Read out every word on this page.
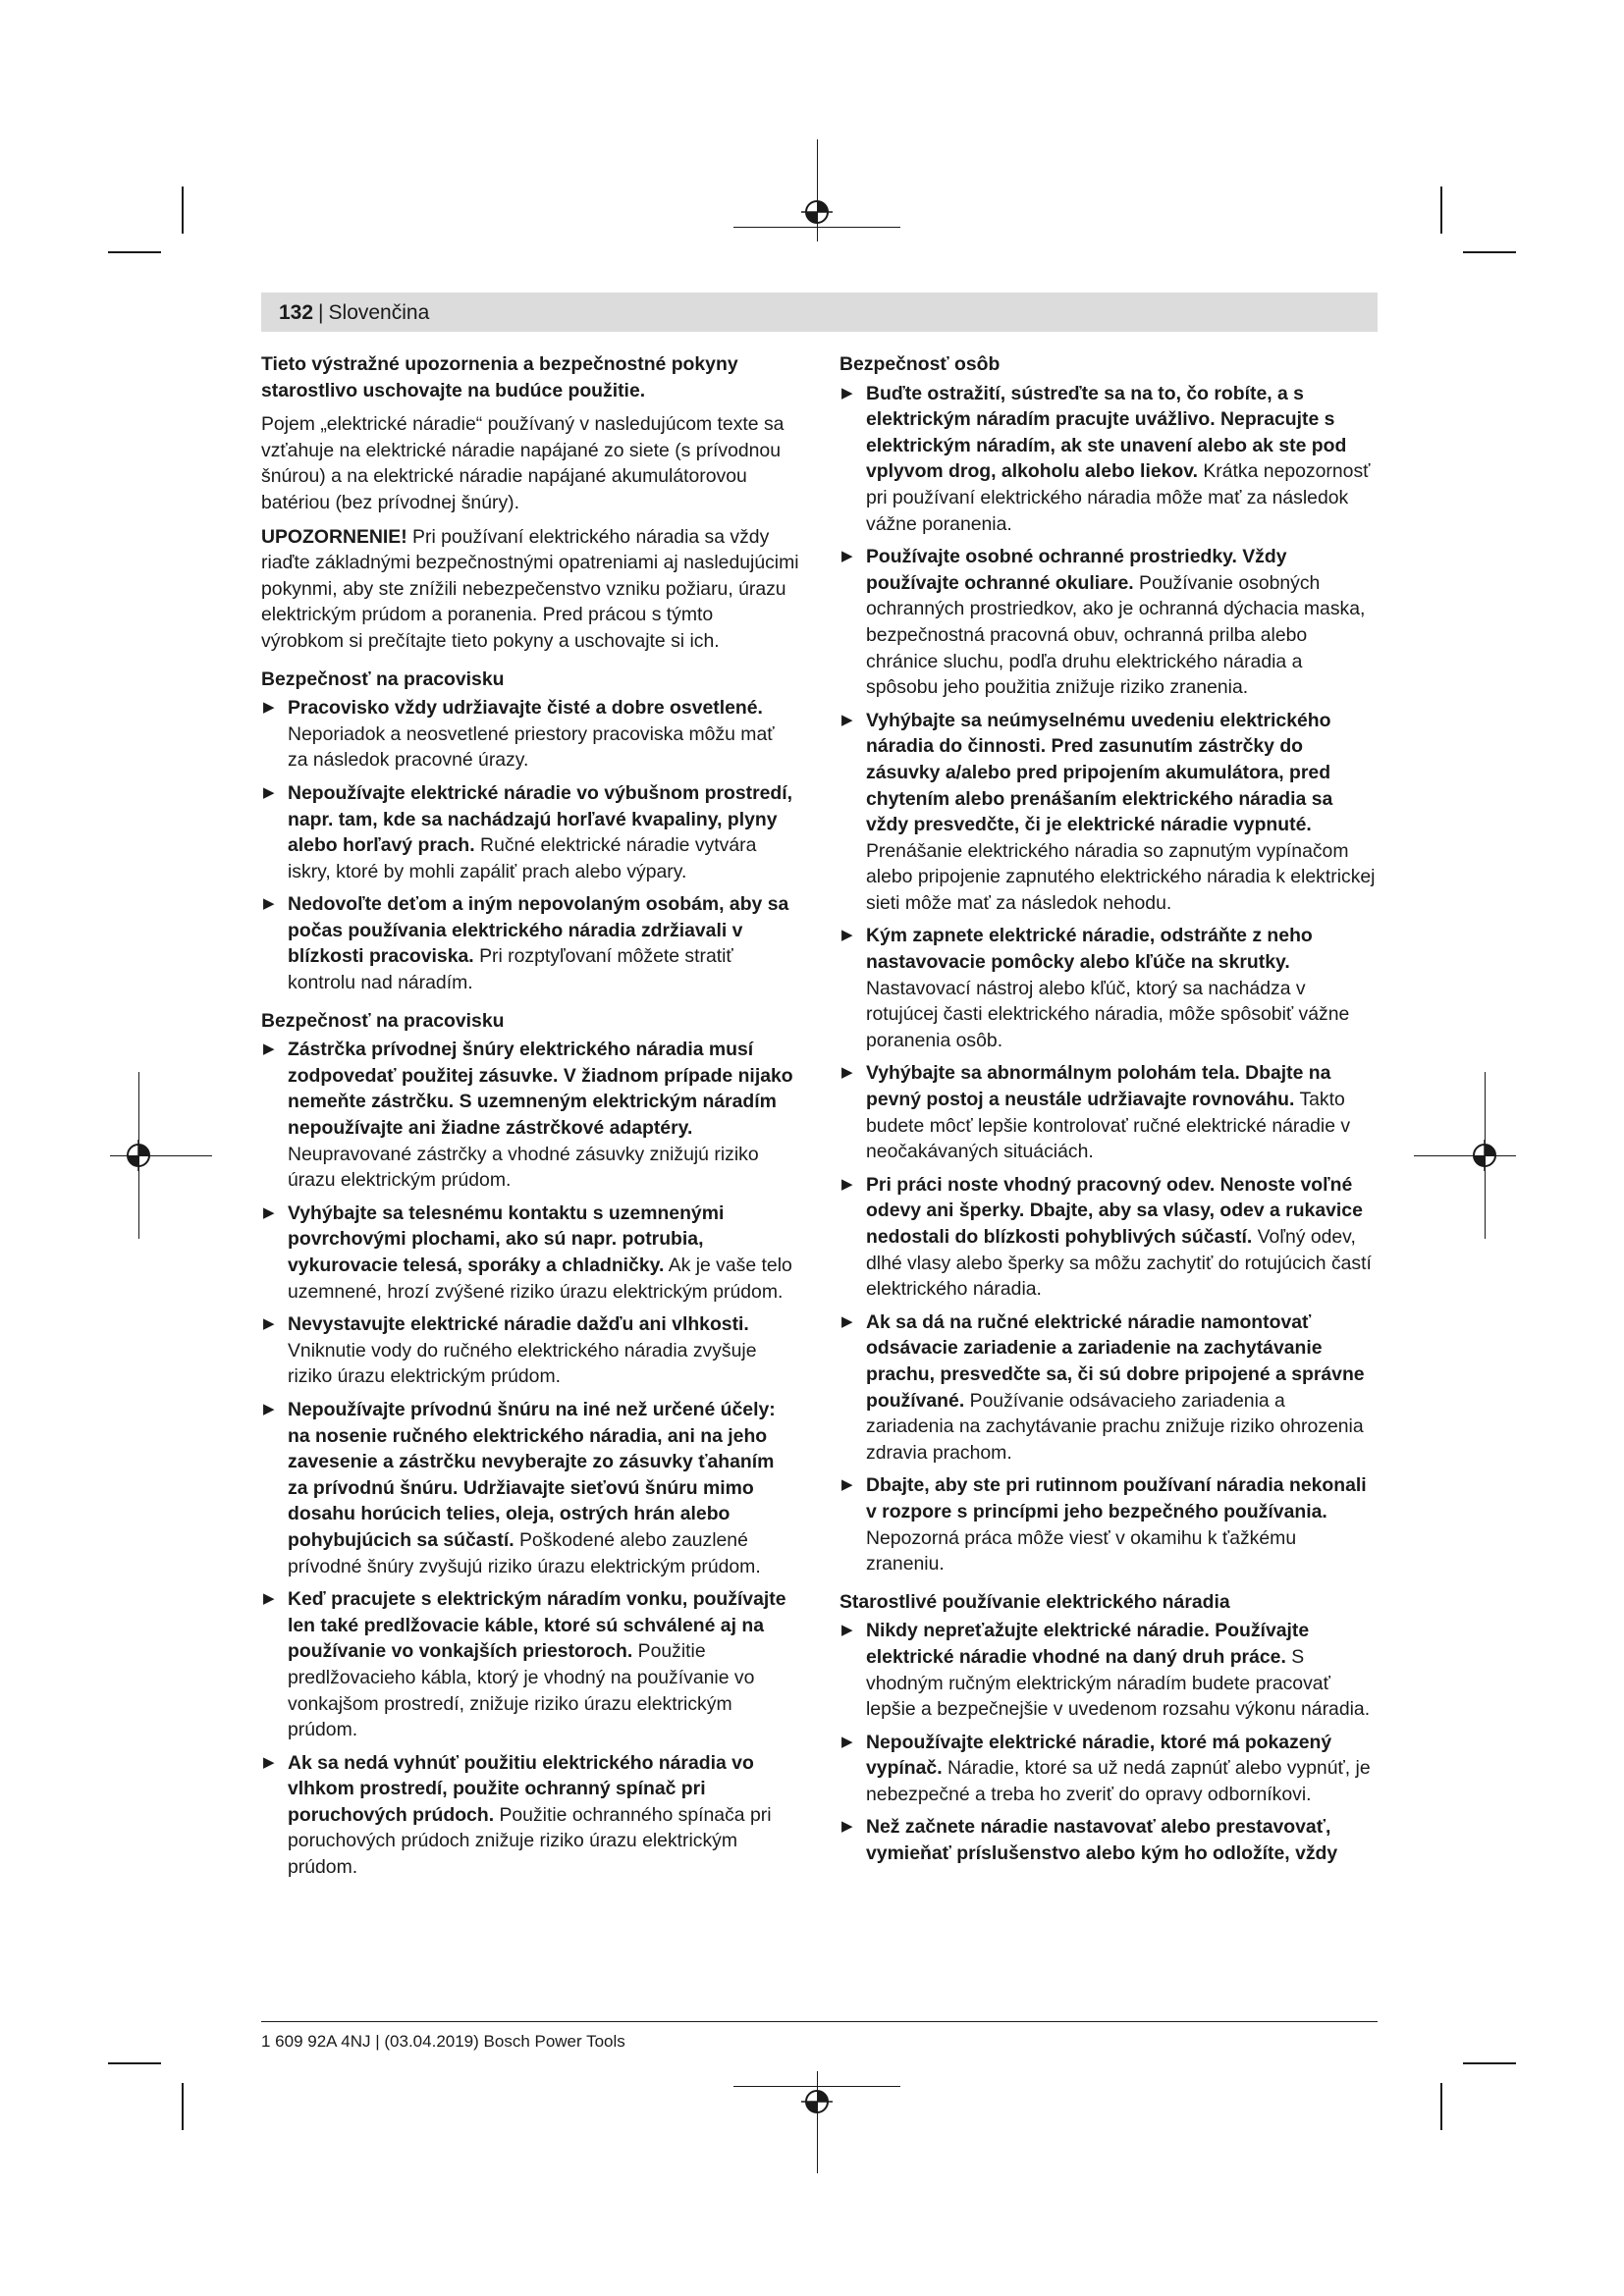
132 | Slovenčina

Tieto výstražné upozornenia a bezpečnostné pokyny starostlivo uschovajte na budúce použitie.

Pojem „elektrické náradie“ používaný v nasledujúcom texte sa vzťahuje na elektrické náradie napájané zo siete (s prívodnou šnúrou) a na elektrické náradie napájané akumulátorovou batériou (bez prívodnej šnúry).

UPOZORNENIE! Pri používaní elektrického náradia sa vždy riaďte základnými bezpečnostnými opatreniami aj nasledujúcimi pokynmi, aby ste znížili nebezpečenstvo vzniku požiaru, úrazu elektrickým prúdom a poranenia. Pred prácou s týmto výrobkom si prečítajte tieto pokyny a uschovajte si ich.

Bezpečnosť na pracovisku
▶ Pracovisko vždy udržiavajte čisté a dobre osvetlené. Neporiadok a neosvetlené priestory pracoviska môžu mať za následok pracovné úrazy.
▶ Nepoužívajte elektrické náradie vo výbušnom prostredí, napr. tam, kde sa nachádzajú horľavé kvapaliny, plyny alebo horľavý prach. Ručné elektrické náradie vytvára iskry, ktoré by mohli zapáliť prach alebo výpary.
▶ Nedovoľte deťom a iným nepovolaným osobám, aby sa počas používania elektrického náradia zdržiavali v blízkosti pracoviska. Pri rozptyľovaní môžete stratiť kontrolu nad náradím.
Bezpečnosť na pracovisku
▶ Zástrčka prívodnej šnúry elektrického náradia musí zodpovedať použitej zásuvke. V žiadnom prípade nijako nemeňte zástrčku. S uzemneným elektrickým náradím nepoužívajte ani žiadne zástrčkové adaptéry. Neupravované zástrčky a vhodné zásuvky znižujú riziko úrazu elektrickým prúdom.
▶ Vyhýbajte sa telesnému kontaktu s uzemnenými povrchovými plochami, ako sú napr. potrubia, vykurovacie telesá, sporáky a chladničky. Ak je vaše telo uzemnené, hrozí zvýšené riziko úrazu elektrickým prúdom.
▶ Nevystavujte elektrické náradie dažďu ani vlhkosti. Vniknutie vody do ručného elektrického náradia zvyšuje riziko úrazu elektrickým prúdom.
▶ Nepoužívajte prívodnú šnúru na iné než určené účely: na nosenie ručného elektrického náradia, ani na jeho zavesenie a zástrčku nevyberajte zo zásuvky ťahaním za prívodnú šnúru. Udržiavajte sieťovú šnúru mimo dosahu horúcich telies, oleja, ostrých hrán alebo pohybujúcich sa súčastí. Poškodené alebo zauzlené prívodné šnúry zvyšujú riziko úrazu elektrickým prúdom.
▶ Keď pracujete s elektrickým náradím vonku, používajte len také predlžovacie káble, ktoré sú schválené aj na používanie vo vonkajších priestoroch. Použitie predlžovacieho kábla, ktorý je vhodný na používanie vo vonkajšom prostredí, znižuje riziko úrazu elektrickým prúdom.
▶ Ak sa nedá vyhnúť použitiu elektrického náradia vo vlhkom prostredí, použite ochranný spínač pri poruchových prúdoch. Použitie ochranného spínača pri poruchových prúdoch znižuje riziko úrazu elektrickým prúdom.
Bezpečnosť osôb
▶ Buďte ostražití, sústreďte sa na to, čo robíte, a s elektrickým náradím pracujte uvážlivo. Nepracujte s elektrickým náradím, ak ste unavení alebo ak ste pod vplyvom drog, alkoholu alebo liekov. Krátka nepozornosť pri používaní elektrického náradia môže mať za následok vážne poranenia.
▶ Používajte osobné ochranné prostriedky. Vždy používajte ochranné okuliare. Používanie osobných ochranných prostriedkov, ako je ochranná dýchacia maska, bezpečnostná pracovná obuv, ochranná prilba alebo chránice sluchu, podľa druhu elektrického náradia a spôsobu jeho použitia znižuje riziko zranenia.
▶ Vyhýbajte sa neúmyselnému uvedeniu elektrického náradia do činnosti. Pred zasunutím zástrčky do zásuvky a/alebo pred pripojením akumulátora, pred chytením alebo prenášaním elektrického náradia sa vždy presvedčte, či je elektrické náradie vypnuté. Prenášanie elektrického náradia so zapnutým vypínačom alebo pripojenie zapnutého elektrického náradia k elektrickej sieti môže mať za následok nehodu.
▶ Kým zapnete elektrické náradie, odstráňte z neho nastavovacie pomôcky alebo kľúče na skrutky. Nastavovací nástroj alebo kľúč, ktorý sa nachádza v rotujúcej časti elektrického náradia, môže spôsobiť vážne poranenia osôb.
▶ Vyhýbajte sa abnormálnym polohám tela. Dbajte na pevný postoj a neustále udržiavajte rovnováhu. Takto budete môcť lepšie kontrolovať ručné elektrické náradie v neočakávaných situáciách.
▶ Pri práci noste vhodný pracovný odev. Nenoste voľné odevy ani šperky. Dbajte, aby sa vlasy, odev a rukavice nedostali do blízkosti pohyblivých súčastí. Voľný odev, dlhé vlasy alebo šperky sa môžu zachytiť do rotujúcich častí elektrického náradia.
▶ Ak sa dá na ručné elektrické náradie namontovať odsávacie zariadenie a zariadenie na zachytávanie prachu, presvedčte sa, či sú dobre pripojené a správne používané. Používanie odsávacieho zariadenia a zariadenia na zachytávanie prachu znižuje riziko ohrozenia zdravia prachom.
▶ Dbajte, aby ste pri rutinnom používaní náradia nekonali v rozpore s princípmi jeho bezpečného používania. Nepozorná práca môže viesť v okamihu k ťažkému zraneniu.
Starostlivé používanie elektrického náradia
▶ Nikdy nepreťažujte elektrické náradie. Používajte elektrické náradie vhodné na daný druh práce. S vhodným ručným elektrickým náradím budete pracovať lepšie a bezpečnejšie v uvedenom rozsahu výkonu náradia.
▶ Nepoužívajte elektrické náradie, ktoré má pokazený vypínač. Náradie, ktoré sa už nedá zapnúť alebo vypnúť, je nebezpečné a treba ho zveriť do opravy odborníkovi.
▶ Než začnete náradie nastavovať alebo prestavovať, vymieňať príslušenstvo alebo kým ho odložíte, vždy
1 609 92A 4NJ | (03.04.2019) Bosch Power Tools
